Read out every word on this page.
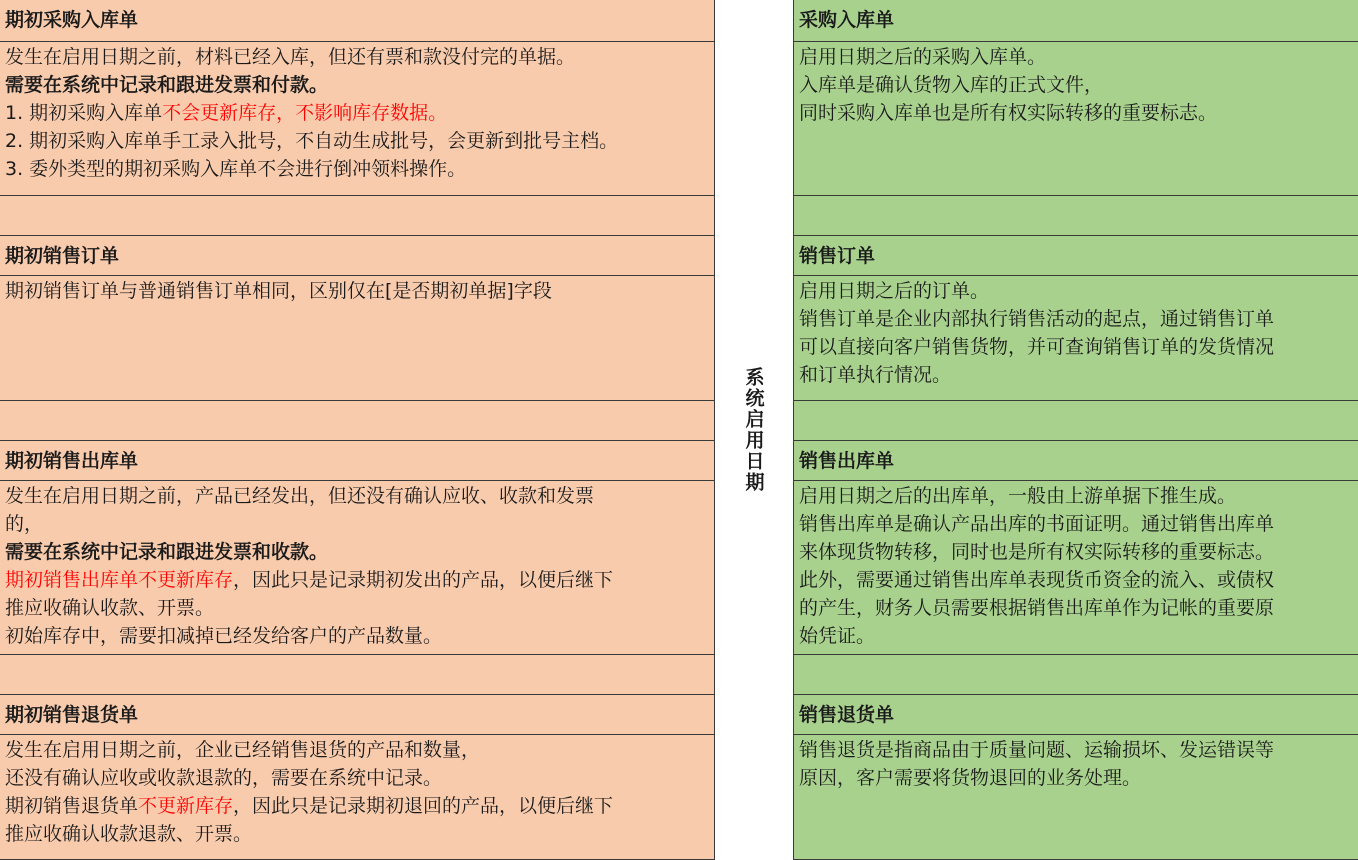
期初采购入库单
发生在启用日期之前，材料已经入库，但还有票和款没付完的单据。
需要在系统中记录和跟进发票和付款。
1. 期初采购入库单不会更新库存，不影响库存数据。
2. 期初采购入库单手工录入批号，不自动生成批号，会更新到批号主档。
3. 委外类型的期初采购入库单不会进行倒冲领料操作。
期初销售订单
期初销售订单与普通销售订单相同，区别仅在[是否期初单据]字段
期初销售出库单
发生在启用日期之前，产品已经发出，但还没有确认应收、收款和发票
的，
需要在系统中记录和跟进发票和收款。
期初销售出库单不更新库存，因此只是记录期初发出的产品，以便后继下
推应收确认收款、开票。
初始库存中，需要扣减掉已经发给客户的产品数量。
期初销售退货单
发生在启用日期之前，企业已经销售退货的产品和数量，
还没有确认应收或收款退款的，需要在系统中记录。
期初销售退货单不更新库存，因此只是记录期初退回的产品，以便后继下
推应收确认收款退款、开票。
系统启用日期
采购入库单
启用日期之后的采购入库单。
入库单是确认货物入库的正式文件，
同时采购入库单也是所有权实际转移的重要标志。
销售订单
启用日期之后的订单。
销售订单是企业内部执行销售活动的起点，通过销售订单
可以直接向客户销售货物，并可查询销售订单的发货情况
和订单执行情况。
销售出库单
启用日期之后的出库单，一般由上游单据下推生成。
销售出库单是确认产品出库的书面证明。通过销售出库单
来体现货物转移，同时也是所有权实际转移的重要标志。
此外，需要通过销售出库单表现货币资金的流入、或债权
的产生，财务人员需要根据销售出库单作为记帐的重要原
始凭证。
销售退货单
销售退货是指商品由于质量问题、运输损坏、发运错误等
原因，客户需要将货物退回的业务处理。
